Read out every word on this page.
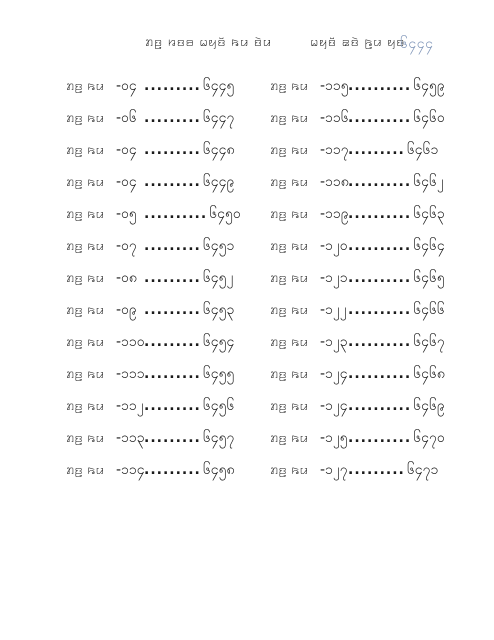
ꤊꤢ꤬ ꤙꤢꤋ ꤗꤟꤢꤩ ꤒꤣ ꤢꤧꤣ	ꤗꤟꤢꤩ ꤁ꤢꤧ ꤒ꤬ꤣ ꤟꤢ
၆၄၄၄
ꤊꤢ꤬ ꤒꤣ -၀၄ ......... ၆၄၄၅
ꤊꤢ꤬ ꤒꤣ -၀၆ ......... ၆၄၄၇
ꤊꤢ꤬ ꤒꤣ -၀၄ ......... ၆၄၄၈
ꤊꤢ꤬ ꤒꤣ -၀၄ ......... ၆၄၄၉
ꤊꤢ꤬ ꤒꤣ -၀၅ .......... ၆၄၅၀
ꤊꤢ꤬ ꤒꤣ -၀၇ ......... ၆၄၅၁
ꤊꤢ꤬ ꤒꤣ -၀၈ ......... ၆၄၅၂
ꤊꤢ꤬ ꤒꤣ -၀၉ ......... ၆၄၅၃
ꤊꤢ꤬ ꤒꤣ -၁၁၀ ......... ၆၄၅၄
ꤊꤢ꤬ ꤒꤣ -၁၁၁ ......... ၆၄၅၅
ꤊꤢ꤬ ꤒꤣ -၁၁၂ ......... ၆၄၅၆
ꤊꤢ꤬ ꤒꤣ -၁၁၃ ......... ၆၄၅၇
ꤊꤢ꤬ ꤒꤣ -၁၁၄ ......... ၆၄၅၈
ꤊꤢ꤬ ꤒꤣ -၁၁၅ .......... ၆၄၅၉
ꤊꤢ꤬ ꤒꤣ -၁၁၆ .......... ၆၄၆၀
ꤊꤢ꤬ ꤒꤣ -၁၁၇ ......... ၆၄၆၁
ꤊꤢ꤬ ꤒꤣ -၁၁၈ .......... ၆၄၆၂
ꤊꤢ꤬ ꤒꤣ -၁၁၉ .......... ၆၄၆၃
ꤊꤢ꤬ ꤒꤣ -၁၂၀ .......... ၆၄၆၄
ꤊꤢ꤬ ꤒꤣ -၁၂၁ .......... ၆၄၆၅
ꤊꤢ꤬ ꤒꤣ -၁၂၂ .......... ၆၄၆၆
ꤊꤢ꤬ ꤒꤣ -၁၂၃ .......... ၆၄၆၇
ꤊꤢ꤬ ꤒꤣ -၁၂၄ .......... ၆၄၆၈
ꤊꤢ꤬ ꤒꤣ -၁၂၄ .......... ၆၄၆၉
ꤊꤢ꤬ ꤒꤣ -၁၂၅ .......... ၆၄၇၀
ꤊꤢ꤬ ꤒꤣ -၁၂၇ ......... ၆၄၇၁
